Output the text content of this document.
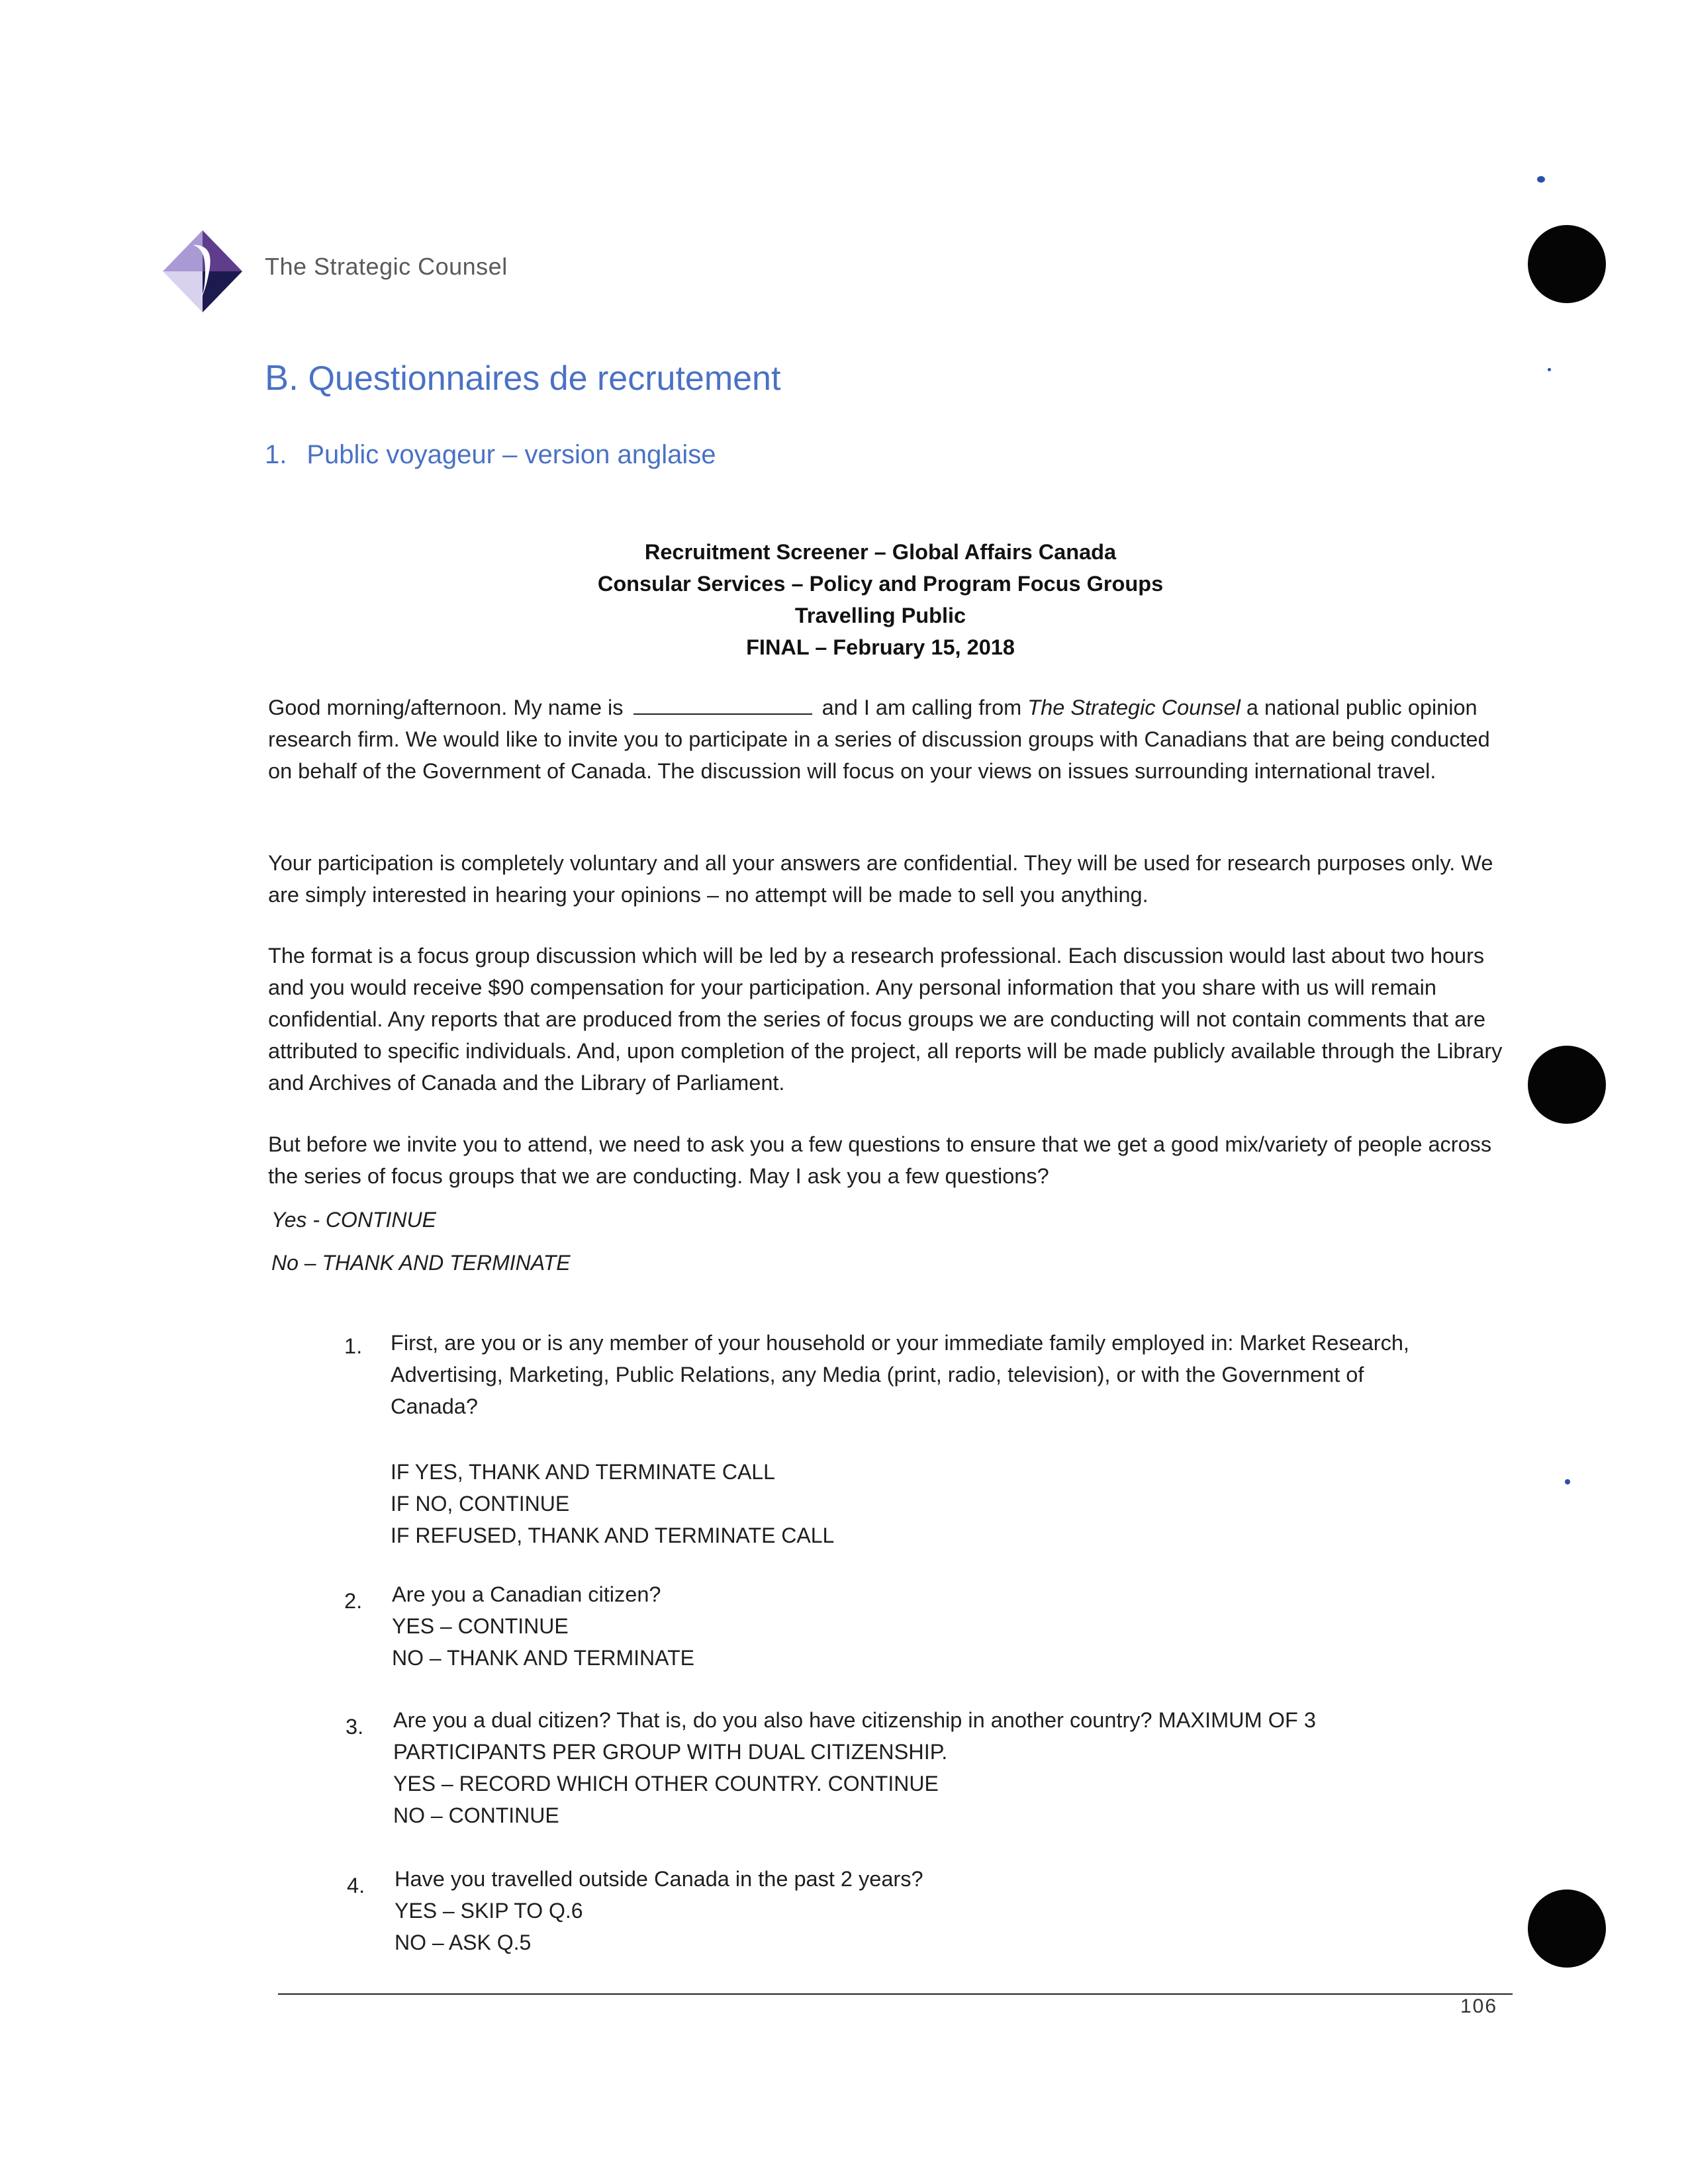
The Strategic Counsel
B. Questionnaires de recrutement
1. Public voyageur – version anglaise
Recruitment Screener – Global Affairs Canada
Consular Services – Policy and Program Focus Groups
Travelling Public
FINAL – February 15, 2018
Good morning/afternoon. My name is	and I am calling from The Strategic Counsel a national public opinion research firm. We would like to invite you to participate in a series of discussion groups with Canadians that are being conducted on behalf of the Government of Canada. The discussion will focus on your views on issues surrounding international travel.
Your participation is completely voluntary and all your answers are confidential. They will be used for research purposes only. We are simply interested in hearing your opinions – no attempt will be made to sell you anything.
The format is a focus group discussion which will be led by a research professional. Each discussion would last about two hours and you would receive $90 compensation for your participation. Any personal information that you share with us will remain confidential. Any reports that are produced from the series of focus groups we are conducting will not contain comments that are attributed to specific individuals. And, upon completion of the project, all reports will be made publicly available through the Library and Archives of Canada and the Library of Parliament.
But before we invite you to attend, we need to ask you a few questions to ensure that we get a good mix/variety of people across the series of focus groups that we are conducting. May I ask you a few questions?
Yes - CONTINUE
No – THANK AND TERMINATE
1. First, are you or is any member of your household or your immediate family employed in: Market Research, Advertising, Marketing, Public Relations, any Media (print, radio, television), or with the Government of Canada?
IF YES, THANK AND TERMINATE CALL
IF NO, CONTINUE
IF REFUSED, THANK AND TERMINATE CALL
2. Are you a Canadian citizen?
YES – CONTINUE
NO – THANK AND TERMINATE
3. Are you a dual citizen? That is, do you also have citizenship in another country? MAXIMUM OF 3 PARTICIPANTS PER GROUP WITH DUAL CITIZENSHIP.
YES – RECORD WHICH OTHER COUNTRY. CONTINUE
NO – CONTINUE
4. Have you travelled outside Canada in the past 2 years?
YES – SKIP TO Q.6
NO – ASK Q.5
106
